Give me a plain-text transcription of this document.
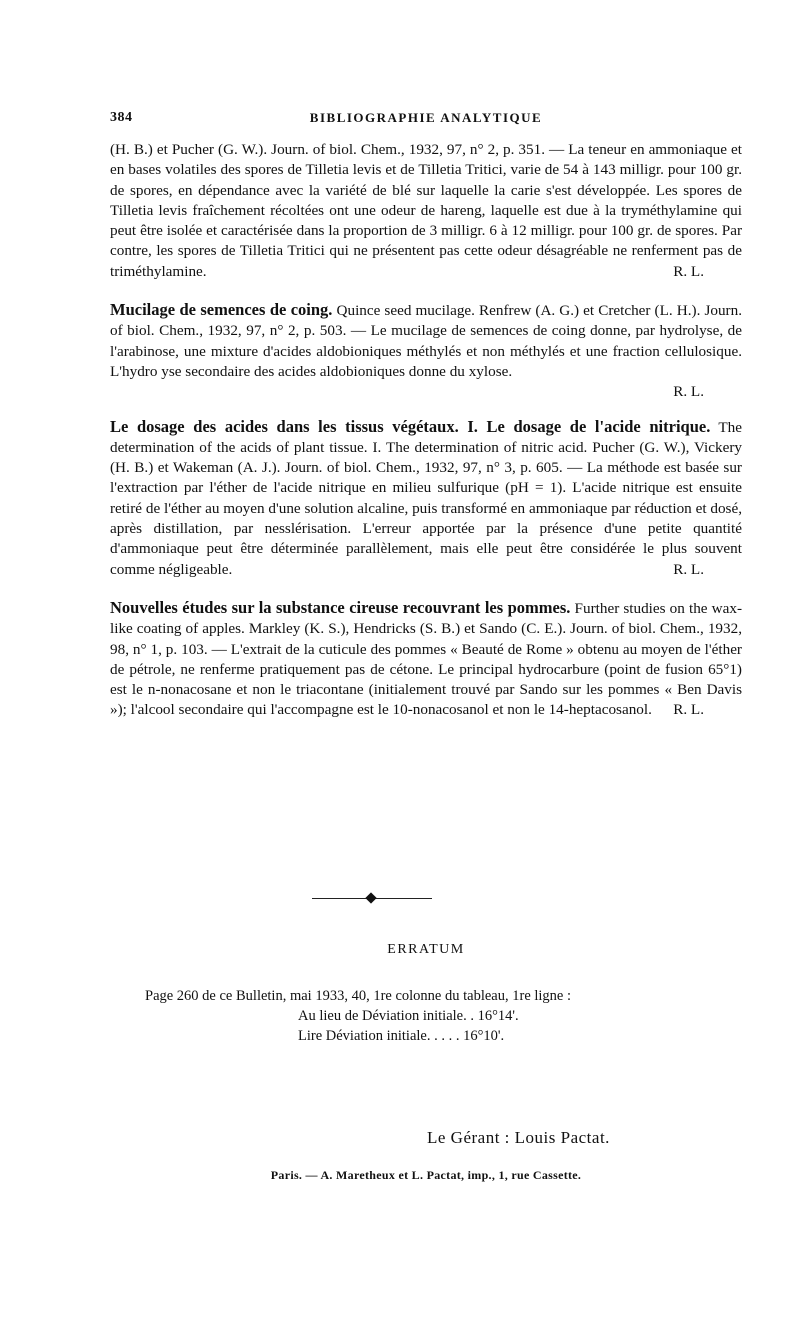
384	BIBLIOGRAPHIE ANALYTIQUE

(H. B.) et Pucher (G. W.). Journ. of biol. Chem., 1932, 97, n° 2, p. 351. — La teneur en ammoniaque et en bases volatiles des spores de Tilletia levis et de Tilletia Tritici, varie de 54 à 143 milligr. pour 100 gr. de spores, en dépendance avec la variété de blé sur laquelle la carie s'est développée. Les spores de Tilletia levis fraîchement récoltées ont une odeur de hareng, laquelle est due à la tryméthylamine qui peut être isolée et caractérisée dans la proportion de 3 milligr. 6 à 12 milligr. pour 100 gr. de spores. Par contre, les spores de Tilletia Tritici qui ne présentent pas cette odeur désagréable ne renferment pas de triméthylamine.	R. L.

Mucilage de semences de coing. Quince seed mucilage. Renfrew (A. G.) et Cretcher (L. H.). Journ. of biol. Chem., 1932, 97, n° 2, p. 503. — Le mucilage de semences de coing donne, par hydrolyse, de l'arabinose, une mixture d'acides aldobioniques méthylés et non méthylés et une fraction cellulosique. L'hydro yse secondaire des acides aldobioniques donne du xylose.

R. L.

Le dosage des acides dans les tissus végétaux. I. Le dosage de l'acide nitrique. The determination of the acids of plant tissue. I. The determination of nitric acid. Pucher (G. W.), Vickery (H. B.) et Wakeman (A. J.). Journ. of biol. Chem., 1932, 97, n° 3, p. 605. — La méthode est basée sur l'extraction par l'éther de l'acide nitrique en milieu sulfurique (pH = 1). L'acide nitrique est ensuite retiré de l'éther au moyen d'une solution alcaline, puis transformé en ammoniaque par réduction et dosé, après distillation, par nesslérisation. L'erreur apportée par la présence d'une petite quantité d'ammoniaque peut être déterminée parallèlement, mais elle peut être considérée le plus souvent comme négligeable.	R. L.

Nouvelles études sur la substance cireuse recouvrant les pommes. Further studies on the wax-like coating of apples. Markley (K. S.), Hendricks (S. B.) et Sando (C. E.). Journ. of biol. Chem., 1932, 98, n° 1, p. 103. — L'extrait de la cuticule des pommes « Beauté de Rome » obtenu au moyen de l'éther de pétrole, ne renferme pratiquement pas de cétone. Le principal hydrocarbure (point de fusion 65°1) est le n-nonacosane et non le triacontane (initialement trouvé par Sando sur les pommes « Ben Davis »); l'alcool secondaire qui l'accompagne est le 10-nonacosanol et non le 14-heptacosanol. R. L.

ERRATUM
Page 260 de ce Bulletin, mai 1933, 40, 1re colonne du tableau, 1re ligne :
Au lieu de Déviation initiale. . 16°14'.
Lire Déviation initiale. . . . . 16°10'.
Le Gérant : Louis Pactat.
Paris. — A. Maretheux et L. Pactat, imp., 1, rue Cassette.
